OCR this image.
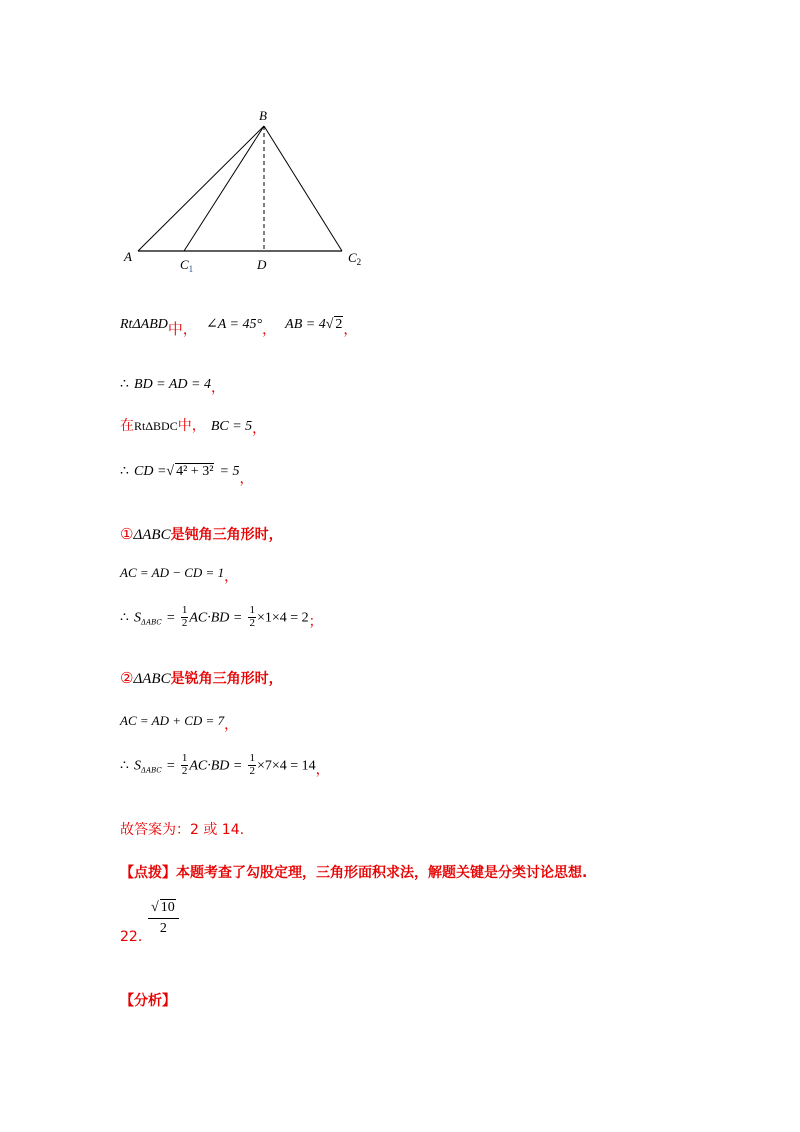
B
A
$C_1$	D	$C_2$
RtΔABD中， ∠A = 45°， AB = 4√ 2，
∴ BD = AD = 4，
在RtΔBDC中， BC = 5，
∴ CD =√ 4² + 3² = 5，
①ΔABC是钝角三角形时，
AC = AD − CD = 1，
∴ $S_{\Delta ABC} = \frac{1}{2} AC\cdot BD = \frac{1}{2} \times 1\times 4 = 2$；
②ΔABC是锐角三角形时，
AC = AD + CD = 7，
∴ $S_{\Delta ABC} = \frac{1}{2} AC\cdot BD = \frac{1}{2} \times 7\times 4 = 14$，
故答案为：2 或 14.
【点拨】本题考查了勾股定理，三角形面积求法，解题关键是分类讨论思想.
22．
√ 10
2
【分析】
